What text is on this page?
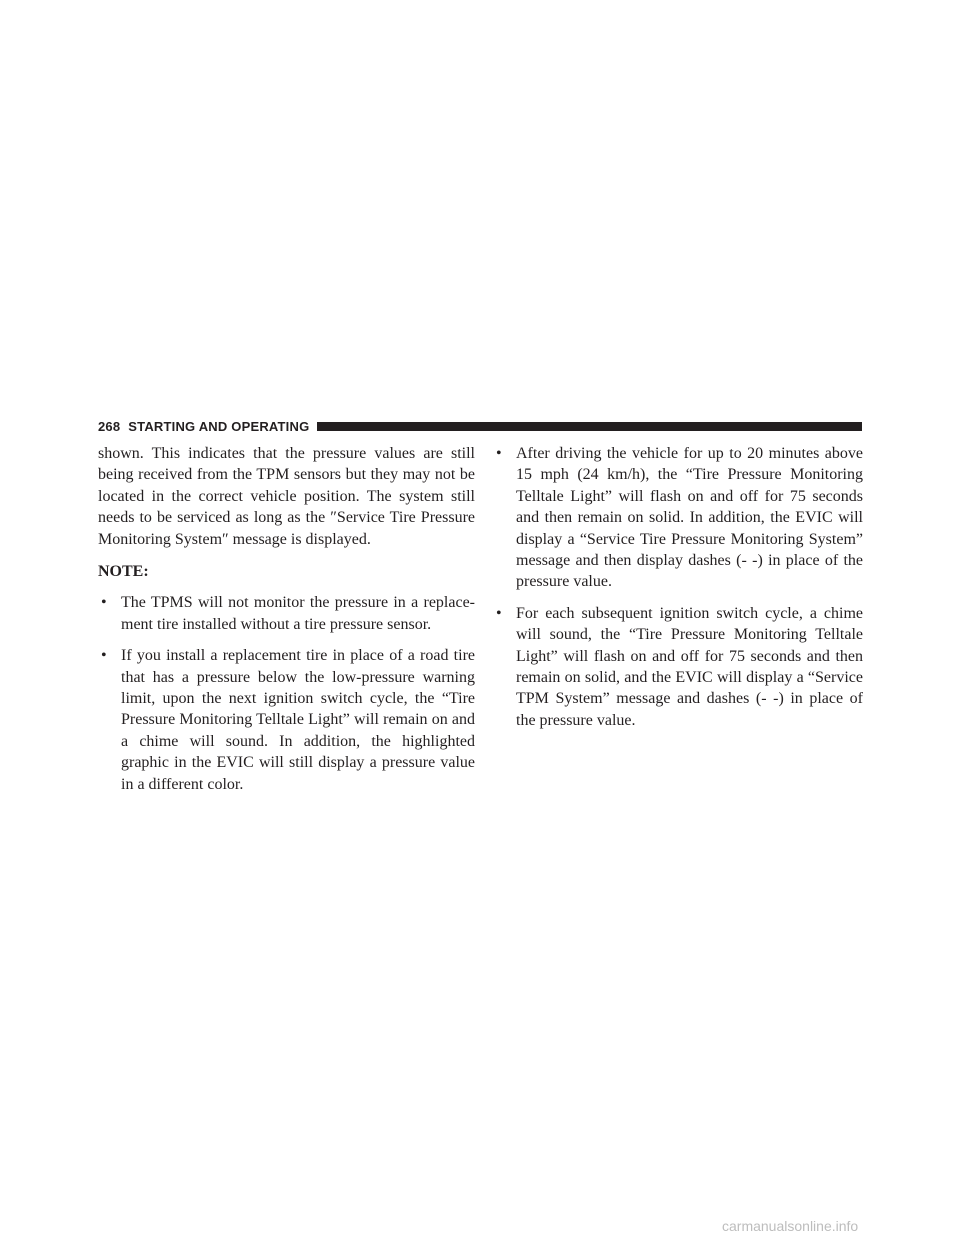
268 STARTING AND OPERATING

shown. This indicates that the pressure values are still being received from the TPM sensors but they may not be located in the correct vehicle position. The system still needs to be serviced as long as the ″Service Tire Pressure Monitoring System″ message is displayed.

NOTE:

• The TPMS will not monitor the pressure in a replacement tire installed without a tire pressure sensor.

• If you install a replacement tire in place of a road tire that has a pressure below the low-pressure warning limit, upon the next ignition switch cycle, the “Tire Pressure Monitoring Telltale Light” will remain on and a chime will sound. In addition, the highlighted graphic in the EVIC will still display a pressure value in a different color.

• After driving the vehicle for up to 20 minutes above 15 mph (24 km/h), the “Tire Pressure Monitoring Telltale Light” will flash on and off for 75 seconds and then remain on solid. In addition, the EVIC will display a “Service Tire Pressure Monitoring System” message and then display dashes (- -) in place of the pressure value.

• For each subsequent ignition switch cycle, a chime will sound, the “Tire Pressure Monitoring Telltale Light” will flash on and off for 75 seconds and then remain on solid, and the EVIC will display a “Service TPM System” message and dashes (- -) in place of the pressure value.

carmanualsonline.info
